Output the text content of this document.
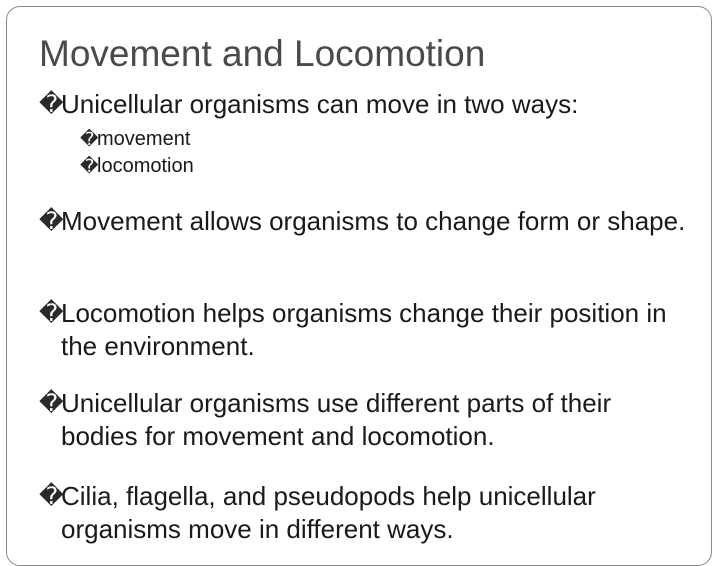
Movement and Locomotion
�
Unicellular organisms can move in two ways:
�
movement
�
locomotion
�
Movement allows organisms to change form or shape.
�
Locomotion helps organisms change their position in the environment.
�
Unicellular organisms use different parts of their bodies for movement and locomotion.
�
Cilia, flagella, and pseudopods help unicellular organisms move in different ways.
